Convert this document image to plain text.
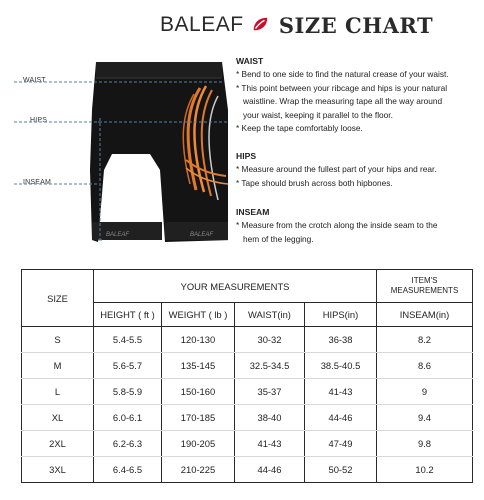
BALEAF	SIZE CHART
WAIST
HIPS
INSEAM
BALEAF	BALEAF
WAIST

* Bend to one side to find the natural crease of your waist.

* This point between your ribcage and hips is your natural

waistline. Wrap the measuring tape all the way around

your waist, keeping it parallel to the floor.

* Keep the tape comfortably loose.

HIPS

* Measure around the fullest part of your hips and rear.

* Tape should brush across both hipbones.

INSEAM

* Measure from the crotch along the inside seam to the

hem of the legging.

SIZE	YOUR MEASUREMENTS				ITEM'S MEASUREMENTS
	HEIGHT ( ft )	WEIGHT ( lb )	WAIST(in)	HIPS(in)	INSEAM(in)
S	5.4-5.5	120-130	30-32	36-38	8.2
M	5.6-5.7	135-145	32.5-34.5	38.5-40.5	8.6
L	5.8-5.9	150-160	35-37	41-43	9
XL	6.0-6.1	170-185	38-40	44-46	9.4
2XL	6.2-6.3	190-205	41-43	47-49	9.8
3XL	6.4-6.5	210-225	44-46	50-52	10.2
